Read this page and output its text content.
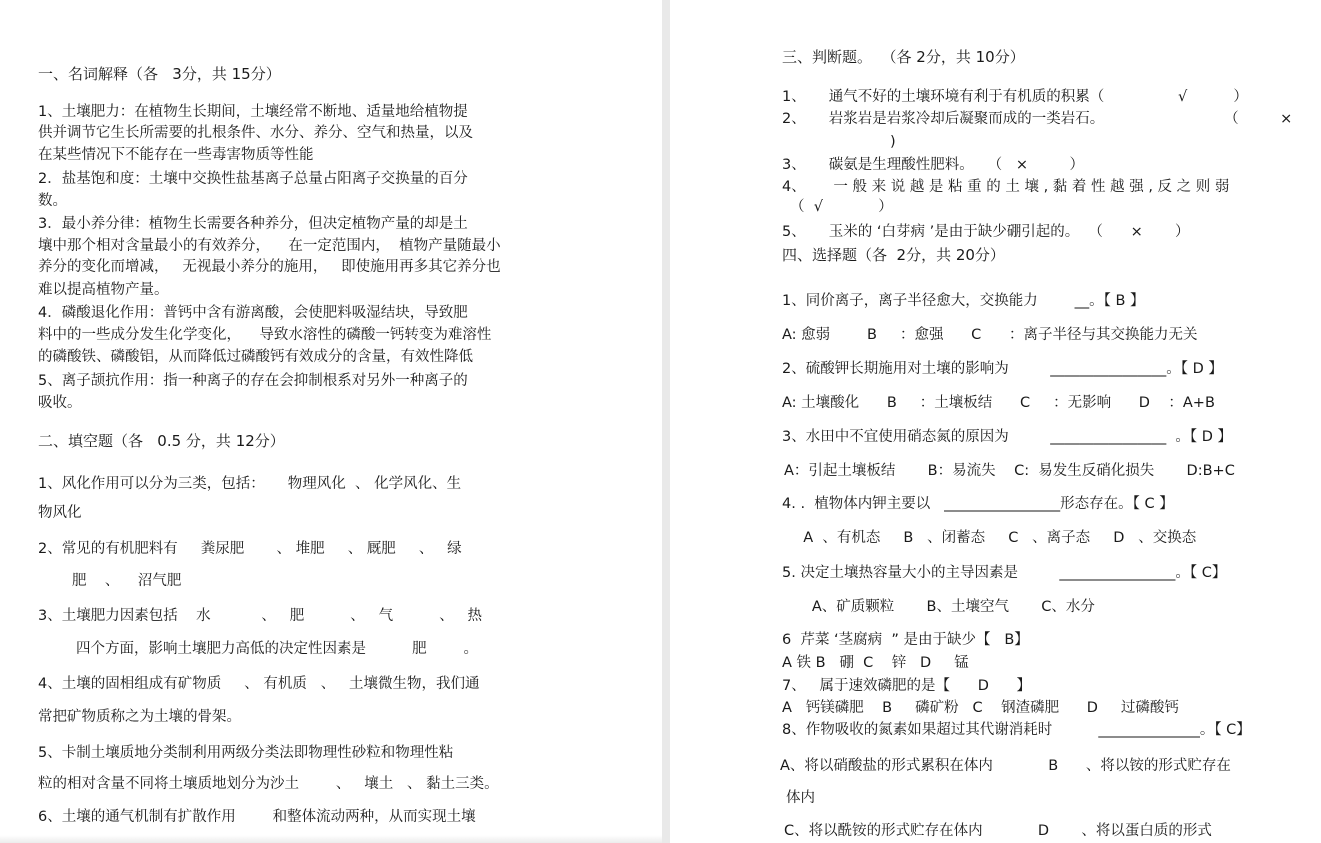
一、名词解释（各   3分，共 15分）
1、土壤肥力：在植物生长期间，土壤经常不断地、适量地给植物提
供并调节它生长所需要的扎根条件、水分、养分、空气和热量，以及
在某些情况下不能存在一些毒害物质等性能
2．盐基饱和度：土壤中交换性盐基离子总量占阳离子交换量的百分
数。
3．最小养分律：植物生长需要各种养分，但决定植物产量的却是土
壤中那个相对含量最小的有效养分，    在一定范围内，  植物产量随最小
养分的变化而增减，   无视最小养分的施用，   即使施用再多其它养分也
难以提高植物产量。
4．磷酸退化作用：普钙中含有游离酸，会使肥料吸湿结块，导致肥
料中的一些成分发生化学变化，    导致水溶性的磷酸一钙转变为难溶性
的磷酸铁、磷酸铝，从而降低过磷酸钙有效成分的含量，有效性降低
5、离子颉抗作用：指一种离子的存在会抑制根系对另外一种离子的
吸收。
二、填空题（各   0.5 分，共 12分）
1、风化作用可以分为三类，包括：     物理风化  、 化学风化、生
物风化
2、常见的有机肥料有     粪尿肥       、 堆肥     、 厩肥     、   绿
肥    、    沼气肥
3、土壤肥力因素包括    水           、   肥          、   气          、   热
四个方面，影响土壤肥力高低的决定性因素是          肥        。
4、土壤的固相组成有矿物质     、 有机质   、   土壤微生物，我们通
常把矿物质称之为土壤的骨架。
5、卡制土壤质地分类制利用两级分类法即物理性砂粒和物理性粘
粒的相对含量不同将土壤质地划分为沙土        、   壤土   、 黏土三类。
6、土壤的通气机制有扩散作用        和整体流动两种，从而实现土壤
三、判断题。  （各 2分，共 10分）
1、     通气不好的土壤环境有利于有机质的积累（                √          ）
2、     岩浆岩是岩浆冷却后凝聚而成的一类岩石。                          （         ×
)
3、     碳氨是生理酸性肥料。   （   ×         ）
4、      一 般 来 说 越 是 粘 重 的 土 壤 , 黏 着 性 越 强 , 反 之 则 弱
（  √            ）
5、     玉米的 ‘白芽病 ’是由于缺少硼引起的。  （      ×       ）
四、选择题（各  2分，共 20分）
1、同价离子，离子半径愈大，交换能力        __。【 B 】
A: 愈弱        B     ：愈强      C      ：离子半径与其交换能力无关
2、硫酸钾长期施用对土壤的影响为         ________________。【 D 】
A: 土壤酸化      B     ：土壤板结      C     ：无影响      D    ：A+B
3、水田中不宜使用硝态氮的原因为         ________________  。【 D 】
A：引起土壤板结       B：易流失    C:  易发生反硝化损失       D:B+C
4. .  植物体内钾主要以   ________________形态存在。【 C 】
A  、有机态     B   、闭蓄态     C   、离子态     D   、交换态
5. 决定土壤热容量大小的主导因素是         ________________。【 C】
A、矿质颗粒       B、土壤空气       C、水分
6  芹菜 ‘茎腐病  ” 是由于缺少【   B】
A 铁 B   硼  C    锌   D     锰
7、   属于速效磷肥的是【      D      】
A   钙镁磷肥    B     磷矿粉   C    钢渣磷肥      D     过磷酸钙
8、作物吸收的氮素如果超过其代谢消耗时          ______________。【 C】
A、将以硝酸盐的形式累积在体内            B      、将以铵的形式贮存在
体内
C、将以酰铵的形式贮存在体内            D       、将以蛋白质的形式
